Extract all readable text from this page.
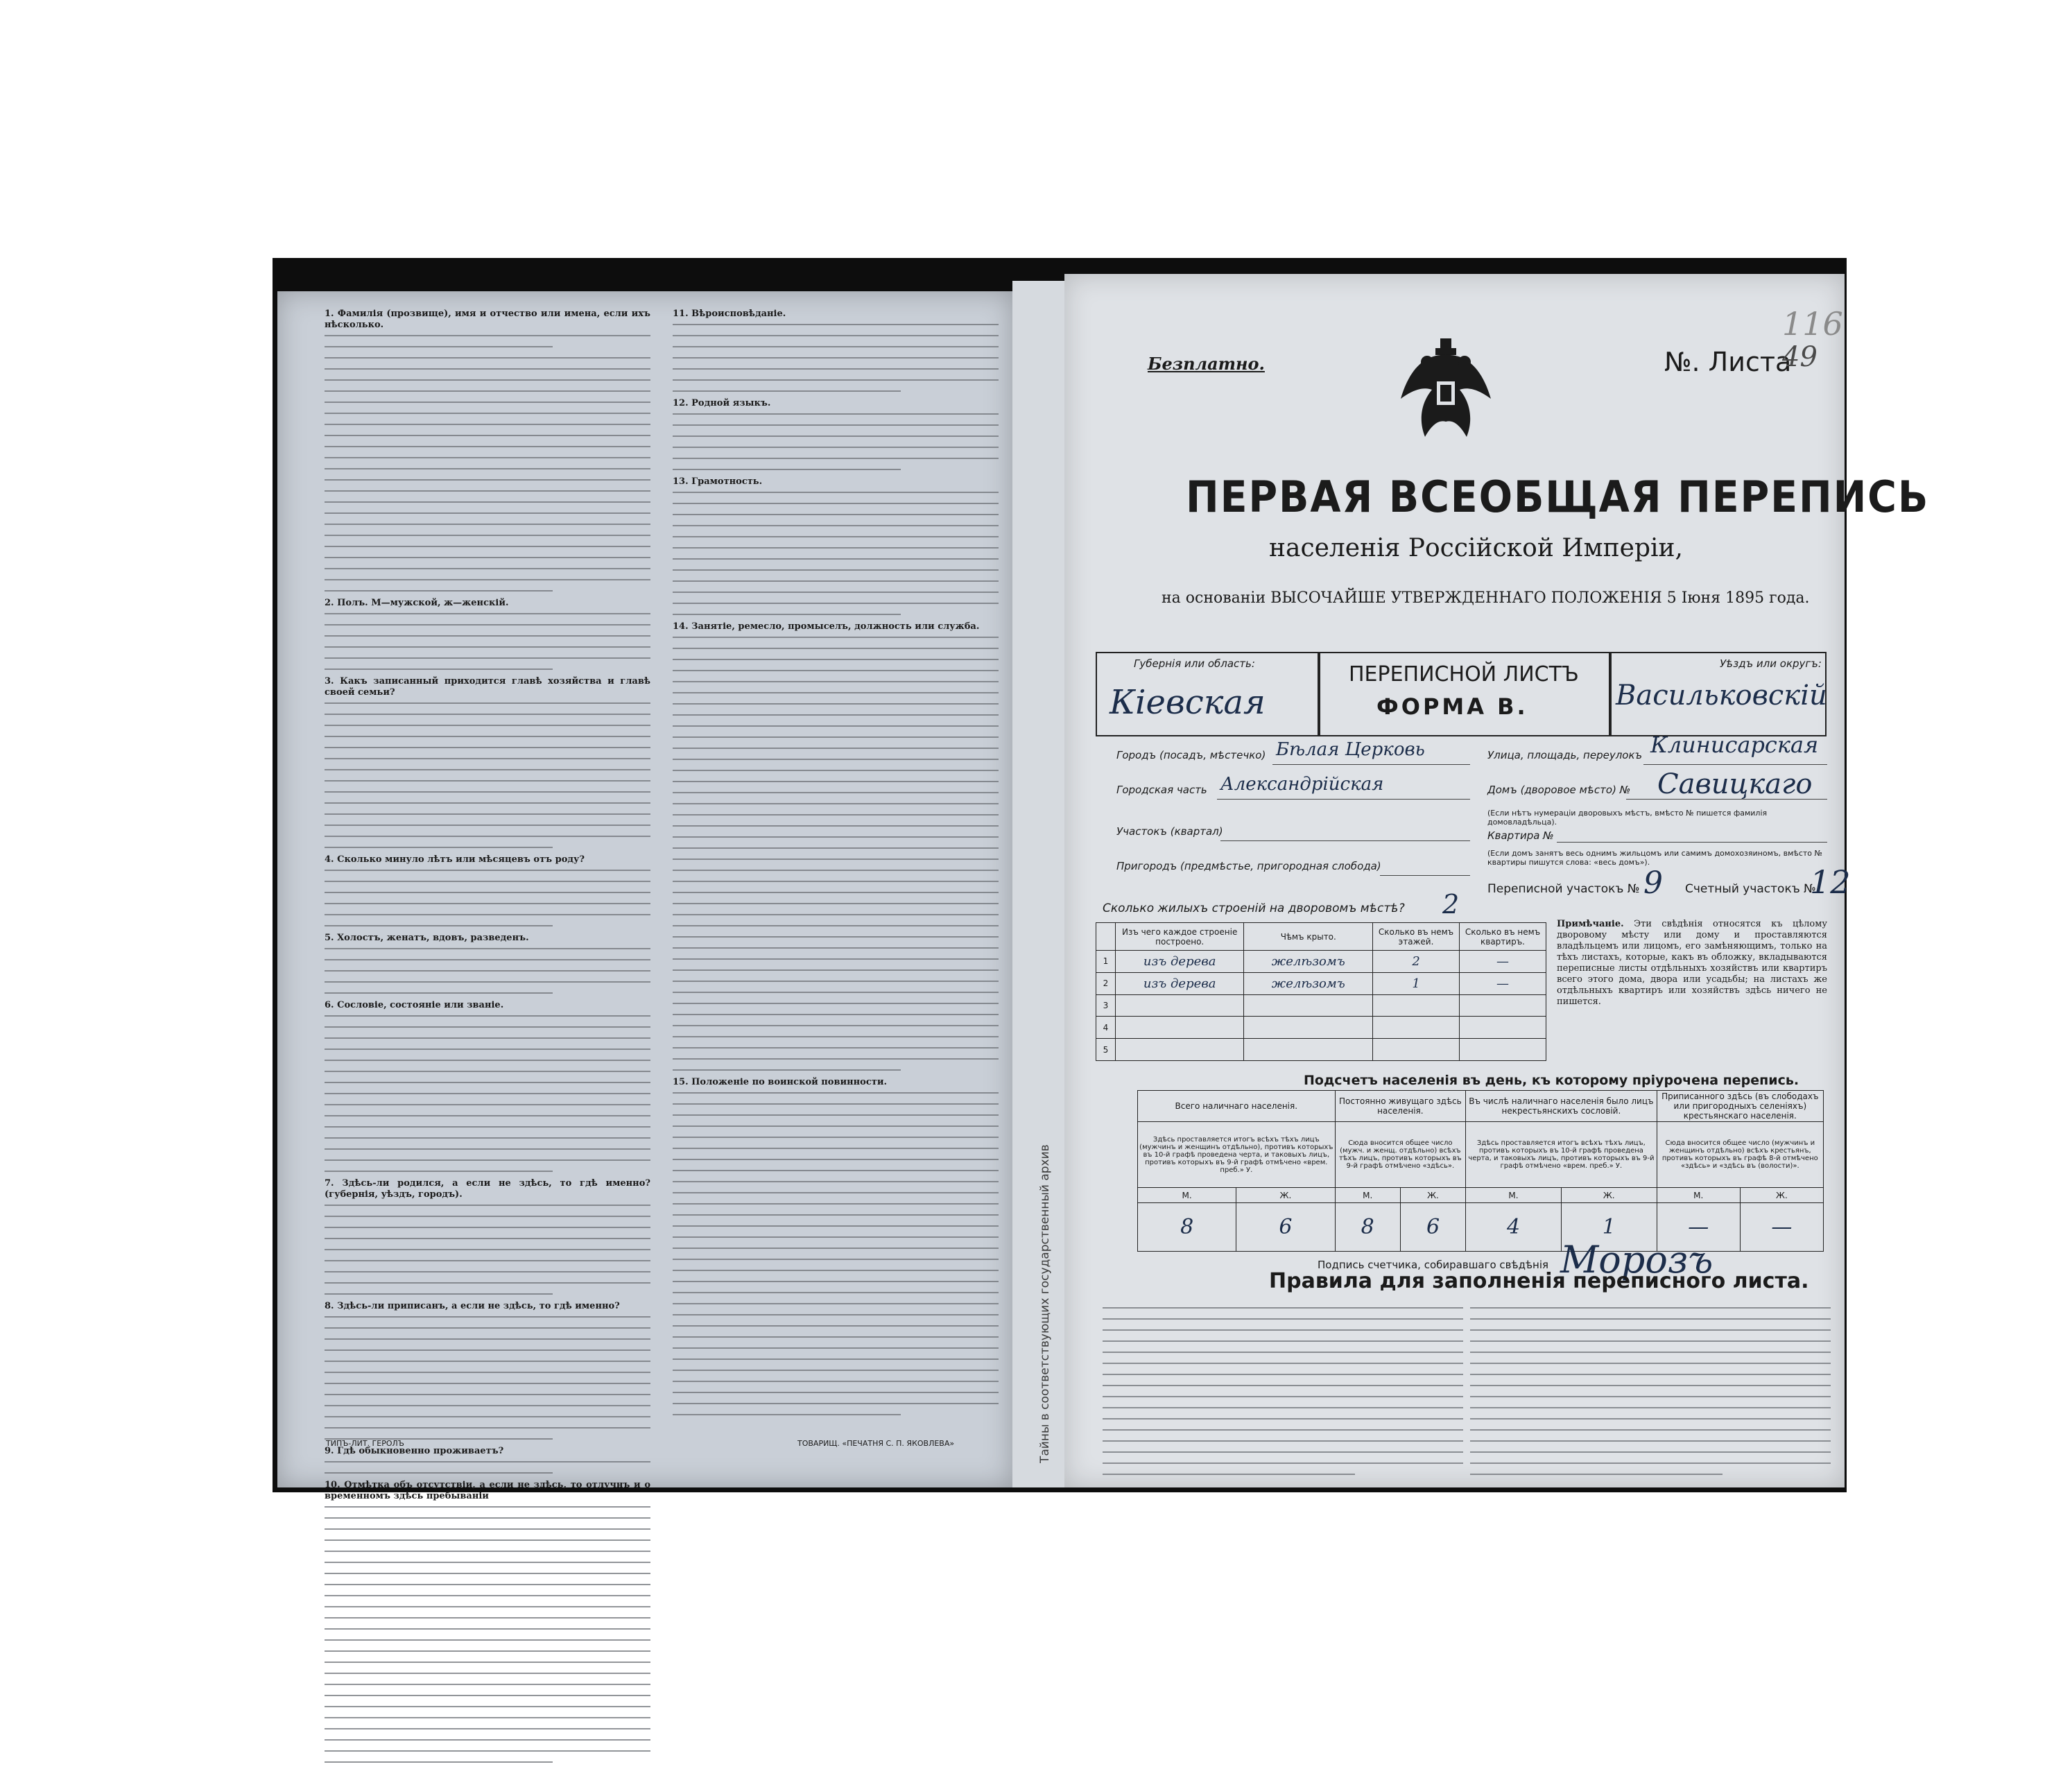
1. Фамилія (прозвище), имя и отчество или имена, если ихъ нѣсколько.
2. Полъ. М—мужской, ж—женскій.
3. Какъ записанный приходится главѣ хозяйства и главѣ своей семьи?
4. Сколько минуло лѣтъ или мѣсяцевъ отъ роду?
5. Холостъ, женатъ, вдовъ, разведенъ.
6. Сословіе, состояніе или званіе.
7. Здѣсь-ли родился, а если не здѣсь, то гдѣ именно? (губернія, уѣздъ, городъ).
8. Здѣсь-ли приписанъ, а если не здѣсь, то гдѣ именно?
9. Гдѣ обыкновенно проживаетъ?
10. Отмѣтка объ отсутствіи, а если не здѣсь, то отлучнъ и о временномъ здѣсь пребываніи
11. Вѣроисповѣданіе.
12. Родной языкъ.
13. Грамотность.
14. Занятіе, ремесло, промыселъ, должность или служба.
15. Положеніе по воинской повинности.
ТИПЪ-ЛИТ. ГЕРОЛЪ	ТОВАРИЩ. «ПЕЧАТНЯ С. П. ЯКОВЛЕВА»	Тайны в соответствующих государственный архив
Безплатно.	№. Листа
49
116
ПЕРВАЯ ВСЕОБЩАЯ ПЕРЕПИСЬ
населенія Россійской Имперіи,
на основаніи ВЫСОЧАЙШЕ УТВЕРЖДЕННАГО ПОЛОЖЕНІЯ 5 Іюня 1895 года.
Губернія или область:
Кiевская
ПЕРЕПИСНОЙ ЛИСТЪ
ФОРМА В.
Уѣздъ или округъ:
Васильковскiй
Городъ (посадъ, мѣстечко) Бѣлая Церковь
Городская часть Александрiйская
Участокъ (квартал)
Пригородъ (предмѣстье, пригородная слобода)
Улица, площадь, переулокъ Клинисарская
Домъ (дворовое мѣсто) № Савицкаго
(Если нѣтъ нумераціи дворовыхъ мѣстъ, вмѣсто № пишется фамилія домовладѣльца).
Квартира №
(Если домъ занятъ весь однимъ жильцомъ или самимъ домохозяиномъ, вмѣсто № квартиры пишутся слова: «весь домъ»).
Переписной участокъ № 9 Счетный участокъ №
12
Сколько жилыхъ строеній на дворовомъ мѣстѣ? 2
	Изъ чего каждое строеніе построено.	Чѣмъ крыто.	Сколько въ немъ этажей.	Сколько въ немъ квартиръ.
1	изъ дерева	желѣзомъ	2	—
2	изъ дерева	желѣзомъ	1	—
3				
4				
5				
Примѣчаніе. Эти свѣдѣнія относятся къ цѣлому дворовому мѣсту или дому и проставляются владѣльцемъ или лицомъ, его замѣняющимъ, только на тѣхъ листахъ, которые, какъ въ обложку, вкладываются переписные листы отдѣльныхъ хозяйствъ или квартиръ всего этого дома, двора или усадьбы; на листахъ же отдѣльныхъ квартиръ или хозяйствъ здѣсь ничего не пишется.
Подсчетъ населенія въ день, къ которому пріурочена перепись.
Всего наличнаго населенія.		Постоянно живущаго здѣсь населенія.		Въ числѣ наличнаго населенія было лицъ некрестьянскихъ сословій.		Приписанного здѣсь (въ слободахъ или пригородныхъ селеніяхъ) крестьянскаго населенія.	
Здѣсь проставляется итогъ всѣхъ тѣхъ лицъ (мужчинъ и женщинъ отдѣльно), противъ которыхъ въ 10-й графѣ проведена черта, и таковыхъ лицъ, противъ которыхъ въ 9-й графѣ отмѣчено «врем. преб.» У.		Сюда вносится общее число (мужч. и женщ. отдѣльно) всѣхъ тѣхъ лицъ, противъ которыхъ въ 9-й графѣ отмѣчено «здѣсь».		Здѣсь проставляется итогъ всѣхъ тѣхъ лицъ, противъ которыхъ въ 10-й графѣ проведена черта, и таковыхъ лицъ, противъ которыхъ въ 9-й графѣ отмѣчено «врем. преб.» У.		Сюда вносится общее число (мужчинъ и женщинъ отдѣльно) всѣхъ крестьянъ, противъ которыхъ въ графѣ 8-й отмѣчено «здѣсь» и «здѣсь въ (волости)».	
М.	Ж.	М.	Ж.	М.	Ж.	М.	Ж.
8	6	8	6	4	1	—	—
Подпись счетчика, собиравшаго свѣдѣнія Морозъ
Правила для заполненія переписного листа.
